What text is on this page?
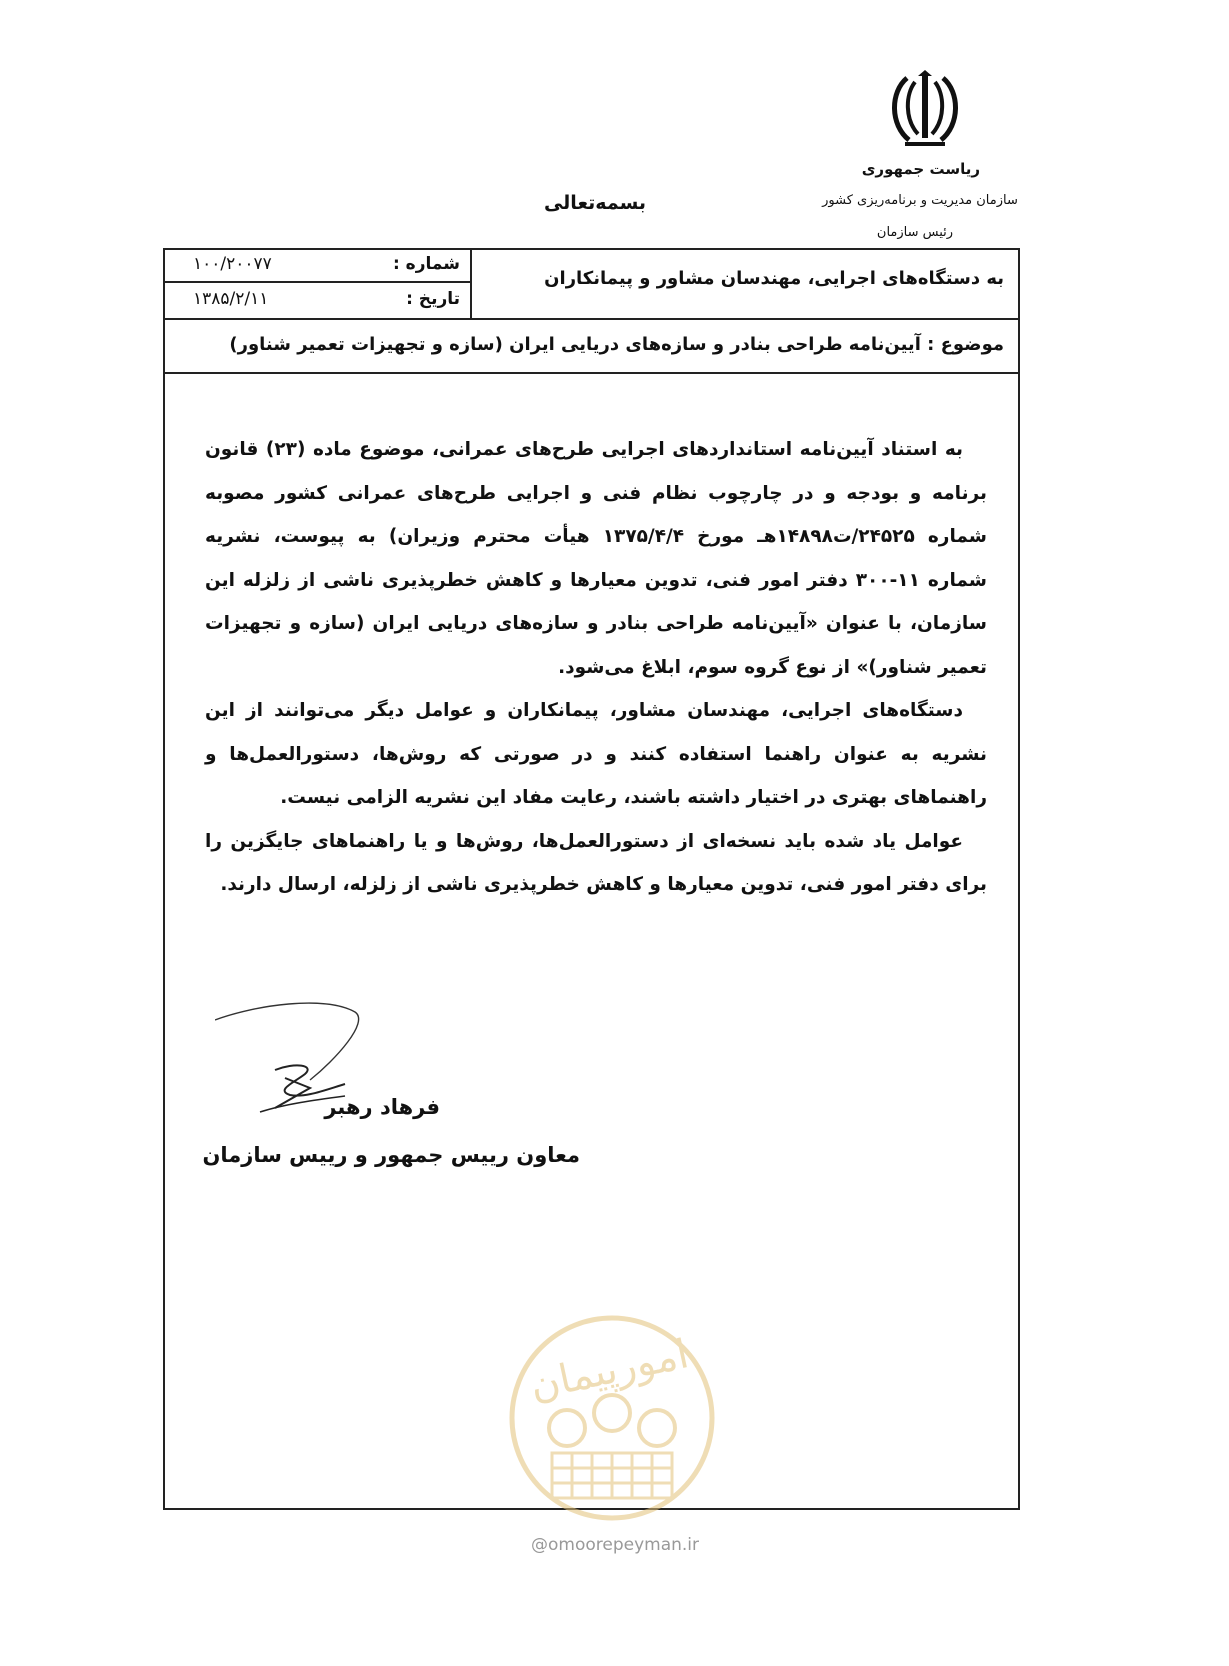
ریاست جمهوری
سازمان مدیریت و برنامه‌ریزی کشور
رئیس سازمان
بسمه‌تعالی
به دستگاه‌های اجرایی، مهندسان مشاور و پیمانکاران
شماره :
۱۰۰/۲۰۰۷۷
تاریخ :
۱۳۸۵/۲/۱۱
موضوع : آیین‌نامه طراحی بنادر و سازه‌های دریایی ایران (سازه و تجهیزات تعمیر شناور)

به استناد آیین‌نامه استانداردهای اجرایی طرح‌های عمرانی، موضوع ماده (۲۳) قانون برنامه و بودجه و در چارچوب نظام فنی و اجرایی طرح‌های عمرانی کشور مصوبه شماره ۲۴۵۲۵/ت۱۴۸۹۸هـ مورخ ۱۳۷۵/۴/۴ هیأت محترم وزیران) به پیوست، نشریه شماره ۱۱-۳۰۰ دفتر امور فنی، تدوین معیارها و کاهش خطرپذیری ناشی از زلزله این سازمان، با عنوان «آیین‌نامه طراحی بنادر و سازه‌های دریایی ایران (سازه و تجهیزات تعمیر شناور)» از نوع گروه سوم، ابلاغ می‌شود.

دستگاه‌های اجرایی، مهندسان مشاور، پیمانکاران و عوامل دیگر می‌توانند از این نشریه به عنوان راهنما استفاده کنند و در صورتی که روش‌ها، دستورالعمل‌ها و راهنماهای بهتری در اختیار داشته باشند، رعایت مفاد این نشریه الزامی نیست.

عوامل یاد شده باید نسخه‌ای از دستورالعمل‌ها، روش‌ها و یا راهنماهای جایگزین را برای دفتر امور فنی، تدوین معیارها و کاهش خطرپذیری ناشی از زلزله، ارسال دارند.

فرهاد رهبر
معاون رییس جمهور و رییس سازمان
امورپیمان
@omoorepeyman.ir
